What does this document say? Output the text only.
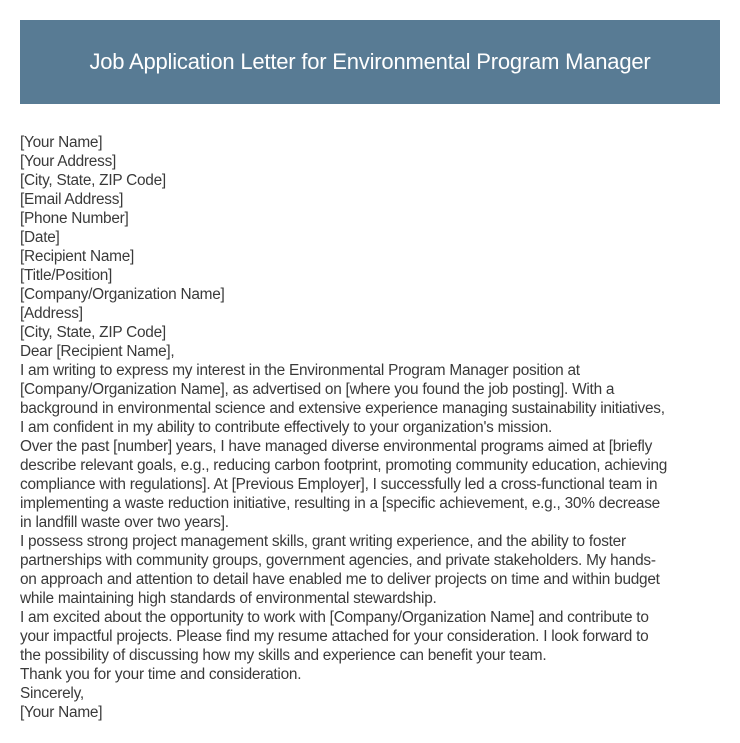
Job Application Letter for Environmental Program Manager
[Your Name]
[Your Address]
[City, State, ZIP Code]
[Email Address]
[Phone Number]
[Date]
[Recipient Name]
[Title/Position]
[Company/Organization Name]
[Address]
[City, State, ZIP Code]
Dear [Recipient Name],
I am writing to express my interest in the Environmental Program Manager position at
[Company/Organization Name], as advertised on [where you found the job posting]. With a
background in environmental science and extensive experience managing sustainability initiatives,
I am confident in my ability to contribute effectively to your organization's mission.
Over the past [number] years, I have managed diverse environmental programs aimed at [briefly
describe relevant goals, e.g., reducing carbon footprint, promoting community education, achieving
compliance with regulations]. At [Previous Employer], I successfully led a cross-functional team in
implementing a waste reduction initiative, resulting in a [specific achievement, e.g., 30% decrease
in landfill waste over two years].
I possess strong project management skills, grant writing experience, and the ability to foster
partnerships with community groups, government agencies, and private stakeholders. My hands-
on approach and attention to detail have enabled me to deliver projects on time and within budget
while maintaining high standards of environmental stewardship.
I am excited about the opportunity to work with [Company/Organization Name] and contribute to
your impactful projects. Please find my resume attached for your consideration. I look forward to
the possibility of discussing how my skills and experience can benefit your team.
Thank you for your time and consideration.
Sincerely,
[Your Name]
